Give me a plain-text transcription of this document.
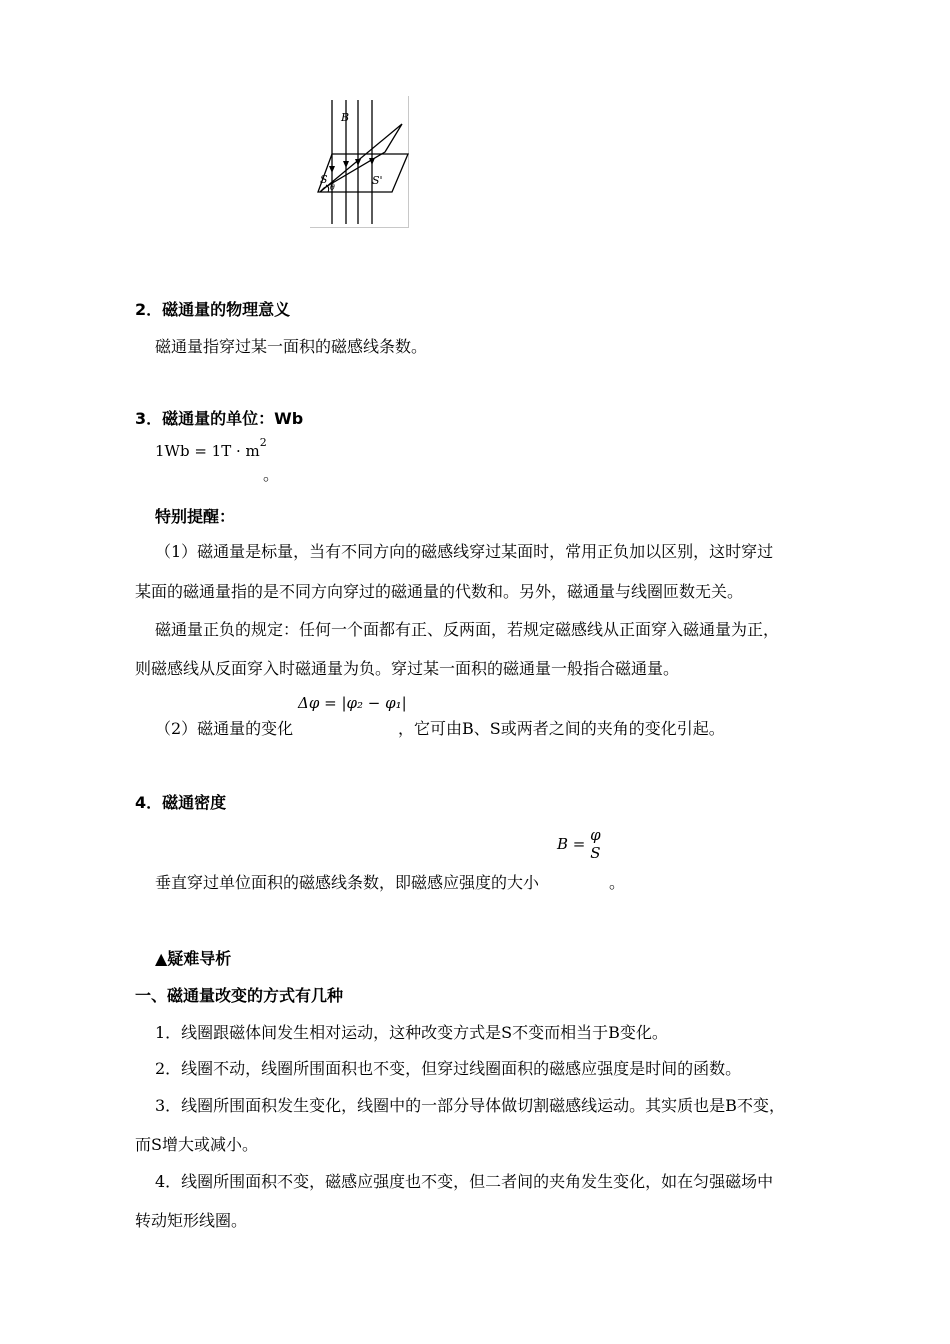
B
S	S'
θ
2．磁通量的物理意义
磁通量指穿过某一面积的磁感线条数。
3．磁通量的单位：Wb
$1Wb = 1T \cdot m^2$
。
特别提醒：
（1）磁通量是标量，当有不同方向的磁感线穿过某面时，常用正负加以区别，这时穿过
某面的磁通量指的是不同方向穿过的磁通量的代数和。另外，磁通量与线圈匝数无关。
磁通量正负的规定：任何一个面都有正、反两面，若规定磁感线从正面穿入磁通量为正，
则磁感线从反面穿入时磁通量为负。穿过某一面积的磁通量一般指合磁通量。
（2）磁通量的变化
Δφ = |φ₂ − φ₁|
，它可由B、S或两者之间的夹角的变化引起。
4．磁通密度
B = φ
S
垂直穿过单位面积的磁感线条数，即磁感应强度的大小	。
▲疑难导析
一、磁通量改变的方式有几种
1．线圈跟磁体间发生相对运动，这种改变方式是S不变而相当于B变化。
2．线圈不动，线圈所围面积也不变，但穿过线圈面积的磁感应强度是时间的函数。
3．线圈所围面积发生变化，线圈中的一部分导体做切割磁感线运动。其实质也是B不变，
而S增大或减小。
4．线圈所围面积不变，磁感应强度也不变，但二者间的夹角发生变化，如在匀强磁场中
转动矩形线圈。
